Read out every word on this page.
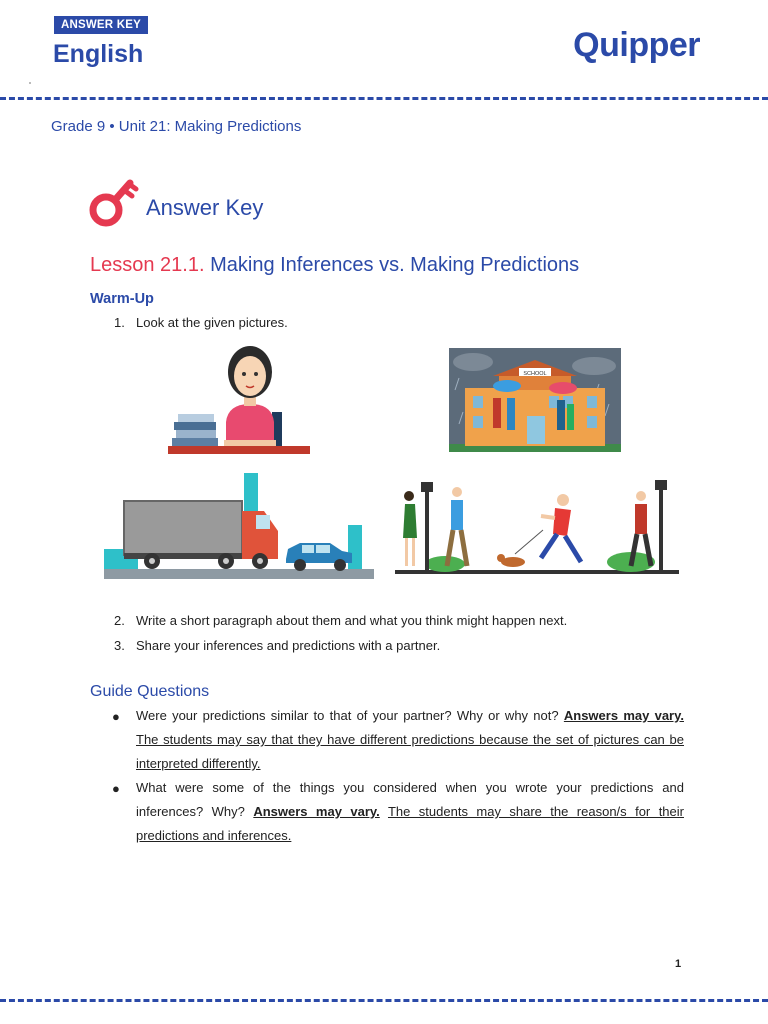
ANSWER KEY
English	Quipper
Grade 9 • Unit 21: Making Predictions
Answer Key
Lesson 21.1. Making Inferences vs. Making Predictions
Warm-Up
1. Look at the given pictures.
SCHOOL
2. Write a short paragraph about them and what you think might happen next.
3. Share your inferences and predictions with a partner.
Guide Questions
● Were your predictions similar to that of your partner? Why or why not? Answers may vary. The students may say that they have different predictions because the set of pictures can be interpreted differently.
● What were some of the things you considered when you wrote your predictions and inferences? Why? Answers may vary. The students may share the reason/s for their predictions and inferences.
1
